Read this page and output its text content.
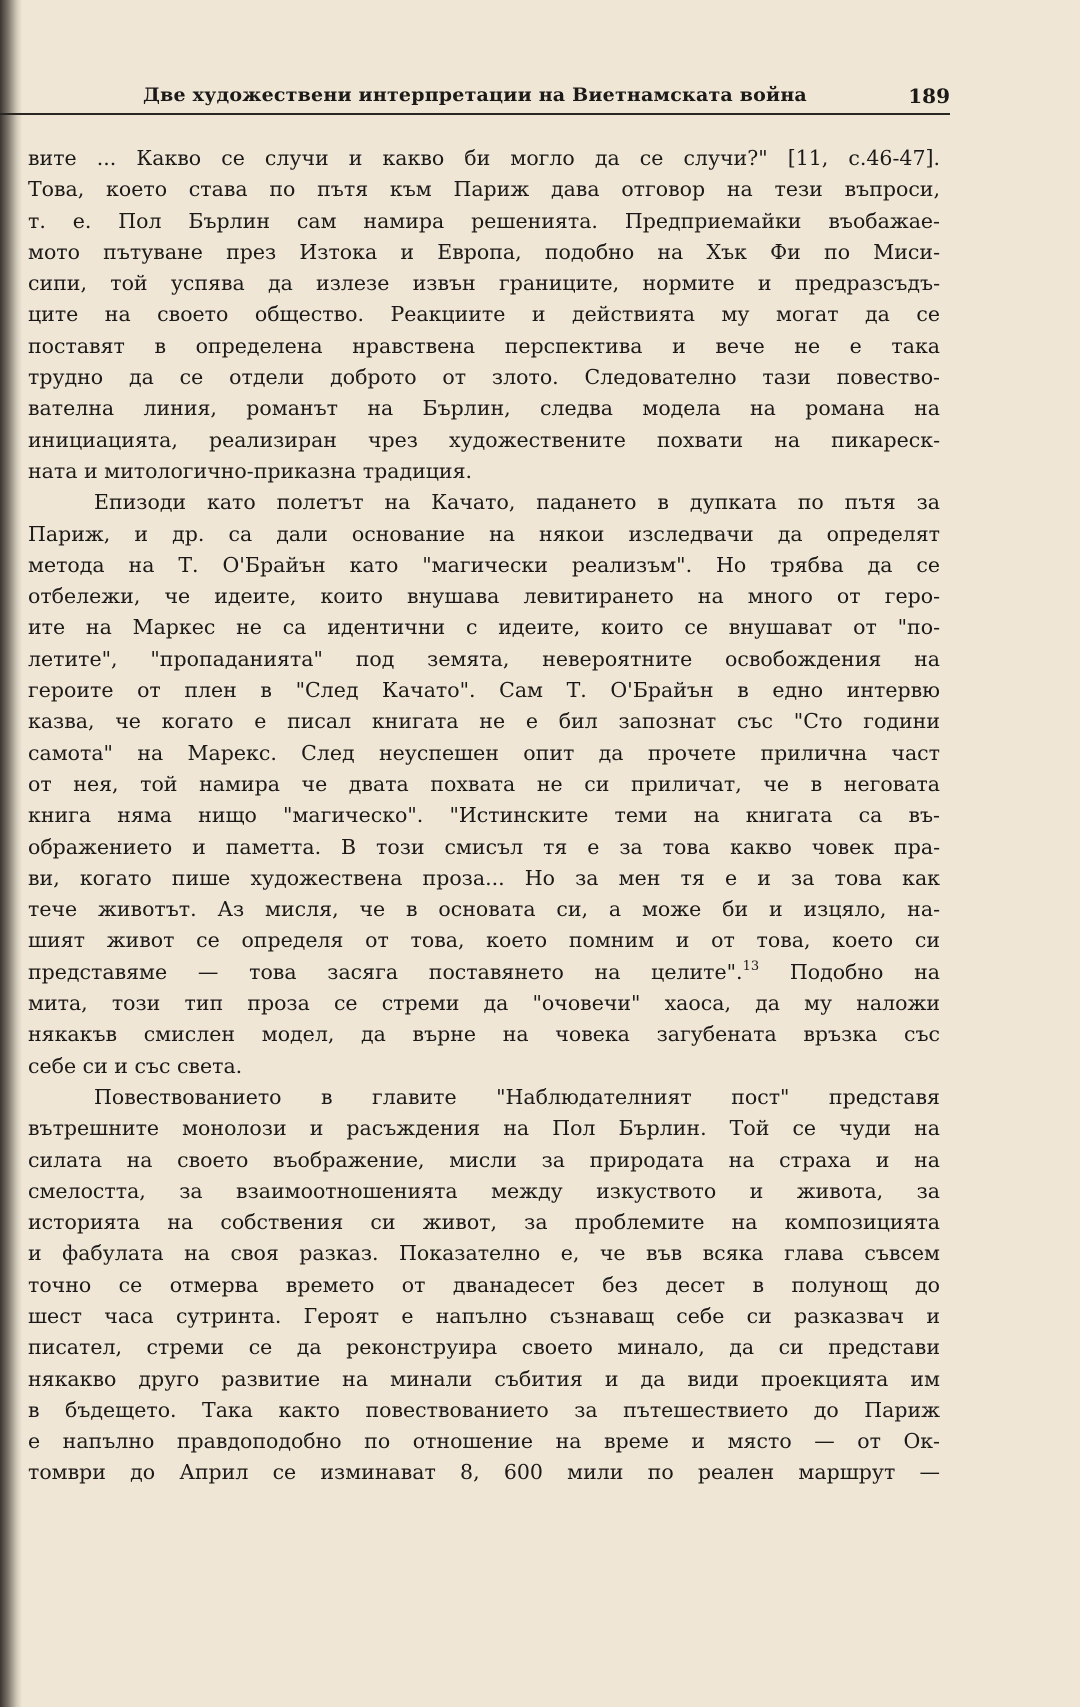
Две художествени интерпретации на Виетнамската война	189
вите ... Какво се случи и какво би могло да се случи?" [11, с.46-47].
Това, което става по пътя към Париж дава отговор на тези въпроси,
т. е. Пол Бърлин сам намира решенията. Предприемайки въобажае-
мото пътуване през Изтока и Европа, подобно на Хък Фи по Миси-
сипи, той успява да излезе извън границите, нормите и предразсъдъ-
ците на своето общество. Реакциите и действията му могат да се
поставят в определена нравствена перспектива и вече не е така
трудно да се отдели доброто от злото. Следователно тази повество-
вателна линия, романът на Бърлин, следва модела на романа на
инициацията, реализиран чрез художествените похвати на пикареск-
ната и митологично-приказна традиция.
Епизоди като полетът на Качато, падането в дупката по пътя за
Париж, и др. са дали основание на някои изследвачи да определят
метода на Т. О'Брайън като "магически реализъм". Но трябва да се
отбележи, че идеите, които внушава левитирането на много от геро-
ите на Маркес не са идентични с идеите, които се внушават от "по-
летите", "пропаданията" под земята, невероятните освобождения на
героите от плен в "След Качато". Сам Т. О'Брайън в едно интервю
казва, че когато е писал книгата не е бил запознат със "Сто години
самота" на Марекс. След неуспешен опит да прочете прилична част
от нея, той намира че двата похвата не си приличат, че в неговата
книга няма нищо "магическо". "Истинските теми на книгата са въ-
ображението и паметта. В този смисъл тя е за това какво човек пра-
ви, когато пише художествена проза... Но за мен тя е и за това как
тече животът. Аз мисля, че в основата си, а може би и изцяло, на-
шият живот се определя от това, което помним и от това, което си
представяме — това засяга поставянето на целите".$^{13}$ Подобно на
мита, този тип проза се стреми да "очовечи" хаоса, да му наложи
някакъв смислен модел, да върне на човека загубената връзка със
себе си и със света.
Повествованието в главите "Наблюдателният пост" представя
вътрешните монолози и расъждения на Пол Бърлин. Той се чуди на
силата на своето въображение, мисли за природата на страха и на
смелостта, за взаимоотношенията между изкуството и живота, за
историята на собствения си живот, за проблемите на композицията
и фабулата на своя разказ. Показателно е, че във всяка глава съвсем
точно се отмерва времето от дванадесет без десет в полунощ до
шест часа сутринта. Героят е напълно съзнаващ себе си разказвач и
писател, стреми се да реконструира своето минало, да си представи
някакво друго развитие на минали събития и да види проекцията им
в бъдещето. Така както повествованието за пътешествието до Париж
е напълно правдоподобно по отношение на време и място — от Ок-
томври до Април се изминават 8, 600 мили по реален маршрут —
